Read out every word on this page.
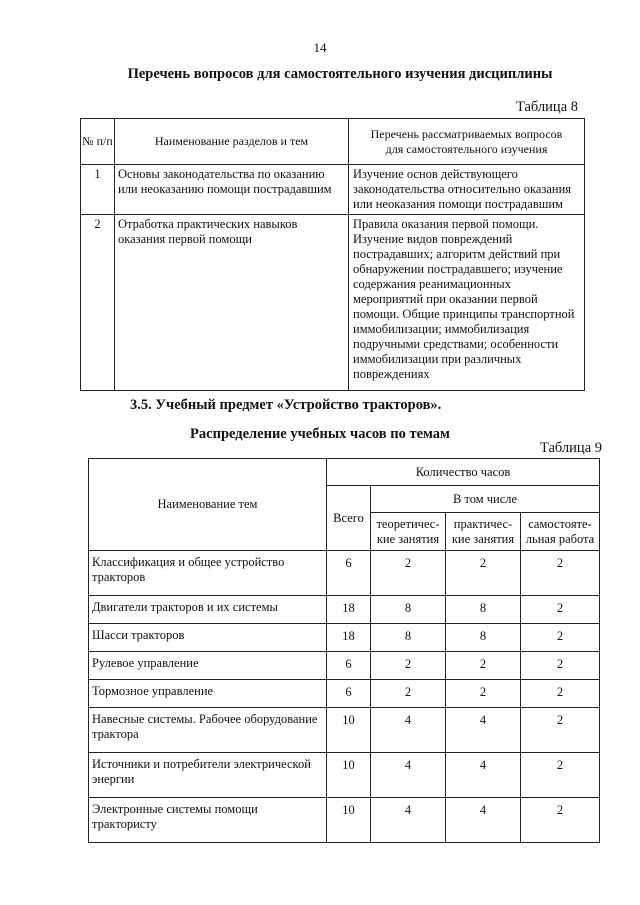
14
Перечень вопросов для самостоятельного изучения дисциплины
Таблица 8
№ п/п	Наименование разделов и тем	Перечень рассматриваемых вопросов для самостоятельного изучения
1	Основы законодательства по оказанию или неоказанию помощи пострадавшим	Изучение основ действующего законодательства относительно оказания или неоказания помощи пострадавшим
2	Отработка практических навыков оказания первой помощи	Правила оказания первой помощи. Изучение видов повреждений пострадавших; алгоритм действий при обнаружении пострадавшего; изучение содержания реанимационных мероприятий при оказании первой помощи. Общие принципы транспортной иммобилизации; иммобилизация подручными средствами; особенности иммобилизации при различных повреждениях
3.5. Учебный предмет «Устройство тракторов».
Распределение учебных часов по темам
Таблица 9
Наименование тем	Количество часов			
	Всего	В том числе		
		теоретичес-кие занятия	практичес-кие занятия	самостояте-льная работа
Классификация и общее устройство тракторов	6	2	2	2
Двигатели тракторов и их системы	18	8	8	2
Шасси тракторов	18	8	8	2
Рулевое управление	6	2	2	2
Тормозное управление	6	2	2	2
Навесные системы. Рабочее оборудование трактора	10	4	4	2
Источники и потребители электрической энергии	10	4	4	2
Электронные системы помощи трактористу	10	4	4	2
